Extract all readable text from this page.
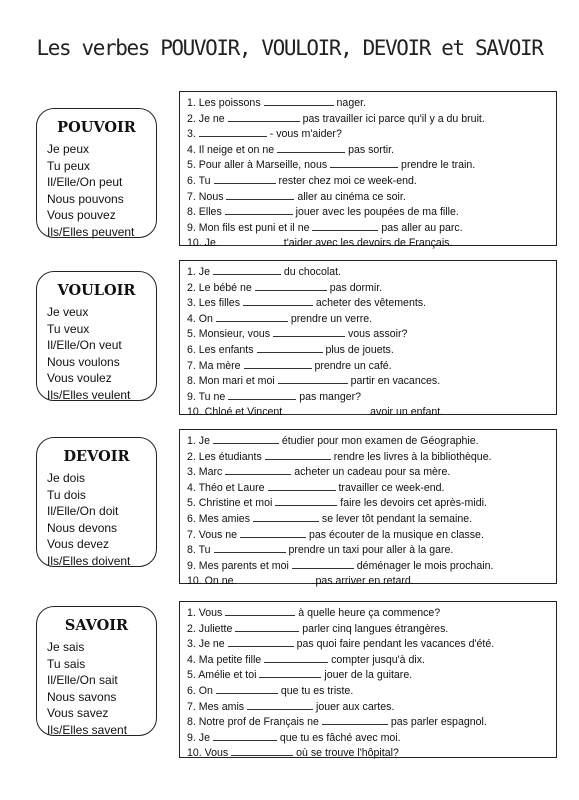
Les verbes POUVOIR, VOULOIR, DEVOIR et SAVOIR
POUVOIR
Je peux
Tu peux
Il/Elle/On peut
Nous pouvons
Vous pouvez
Ils/Elles peuvent
1. Les poissons	nager.
2. Je ne	pas travailler ici parce qu'il y a du bruit.
3.	- vous m'aider?
4. Il neige et on ne	pas sortir.
5. Pour aller à Marseille, nous	prendre le train.
6. Tu	rester chez moi ce week-end.
7. Nous	aller au cinéma ce soir.
8. Elles	jouer avec les poupées de ma fille.
9. Mon fils est puni et il ne	pas aller au parc.
10. Je	t'aider avec les devoirs de Français.
VOULOIR
Je veux
Tu veux
Il/Elle/On veut
Nous voulons
Vous voulez
Ils/Elles veulent
1. Je	du chocolat.
2. Le bébé ne	pas dormir.
3. Les filles	acheter des vêtements.
4. On	prendre un verre.
5. Monsieur, vous	vous assoir?
6. Les enfants	plus de jouets.
7. Ma mère	prendre un café.
8. Mon mari et moi	partir en vacances.
9. Tu ne	pas manger?
10. Chloé et Vincent	avoir un enfant.
DEVOIR
Je dois
Tu dois
Il/Elle/On doit
Nous devons
Vous devez
Ils/Elles doivent
1. Je	étudier pour mon examen de Géographie.
2. Les étudiants	rendre les livres à la bibliothèque.
3. Marc	acheter un cadeau pour sa mère.
4. Théo et Laure	travailler ce week-end.
5. Christine et moi	faire les devoirs cet après-midi.
6. Mes amies	se lever tôt pendant la semaine.
7. Vous ne	pas écouter de la musique en classe.
8. Tu	prendre un taxi pour aller à la gare.
9. Mes parents et moi	déménager le mois prochain.
10. On ne	pas arriver en retard.
SAVOIR
Je sais
Tu sais
Il/Elle/On sait
Nous savons
Vous savez
Ils/Elles savent
1. Vous	à quelle heure ça commence?
2. Juliette	parler cinq langues étrangères.
3. Je ne	pas quoi faire pendant les vacances d'été.
4. Ma petite fille	compter jusqu'à dix.
5. Amélie et toi	jouer de la guitare.
6. On	que tu es triste.
7. Mes amis	jouer aux cartes.
8. Notre prof de Français ne	pas parler espagnol.
9. Je	que tu es fâché avec moi.
10. Vous	où se trouve l'hôpital?
